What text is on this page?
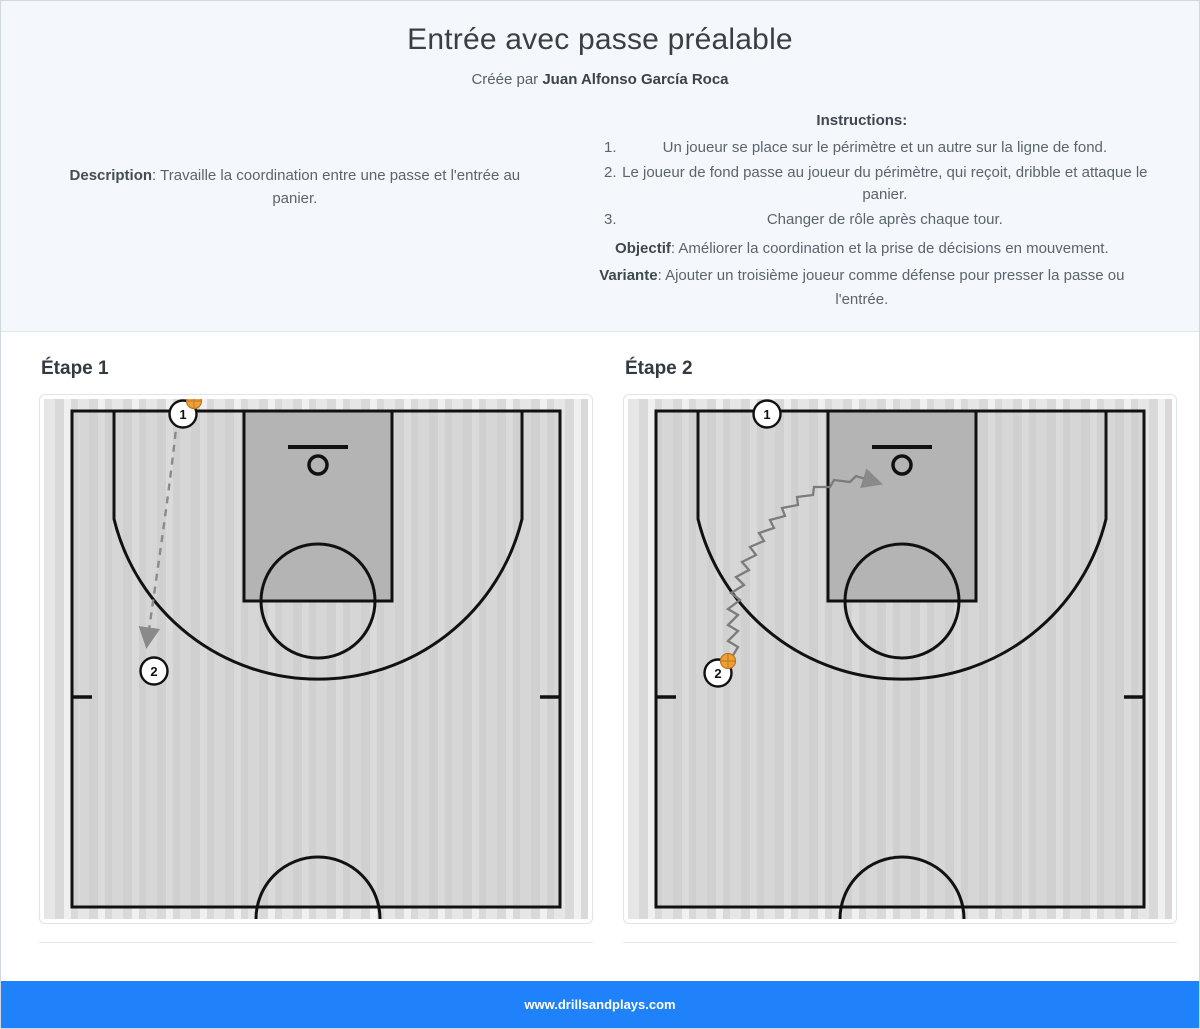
Entrée avec passe préalable
Créée par Juan Alfonso García Roca
Description: Travaille la coordination entre une passe et l'entrée au panier.
Instructions:
1. Un joueur se place sur le périmètre et un autre sur la ligne de fond.
2. Le joueur de fond passe au joueur du périmètre, qui reçoit, dribble et attaque le panier.
3. Changer de rôle après chaque tour.
Objectif: Améliorer la coordination et la prise de décisions en mouvement.
Variante: Ajouter un troisième joueur comme défense pour presser la passe ou l'entrée.
Étape 1
1
2
Étape 2
1
2
www.drillsandplays.com
